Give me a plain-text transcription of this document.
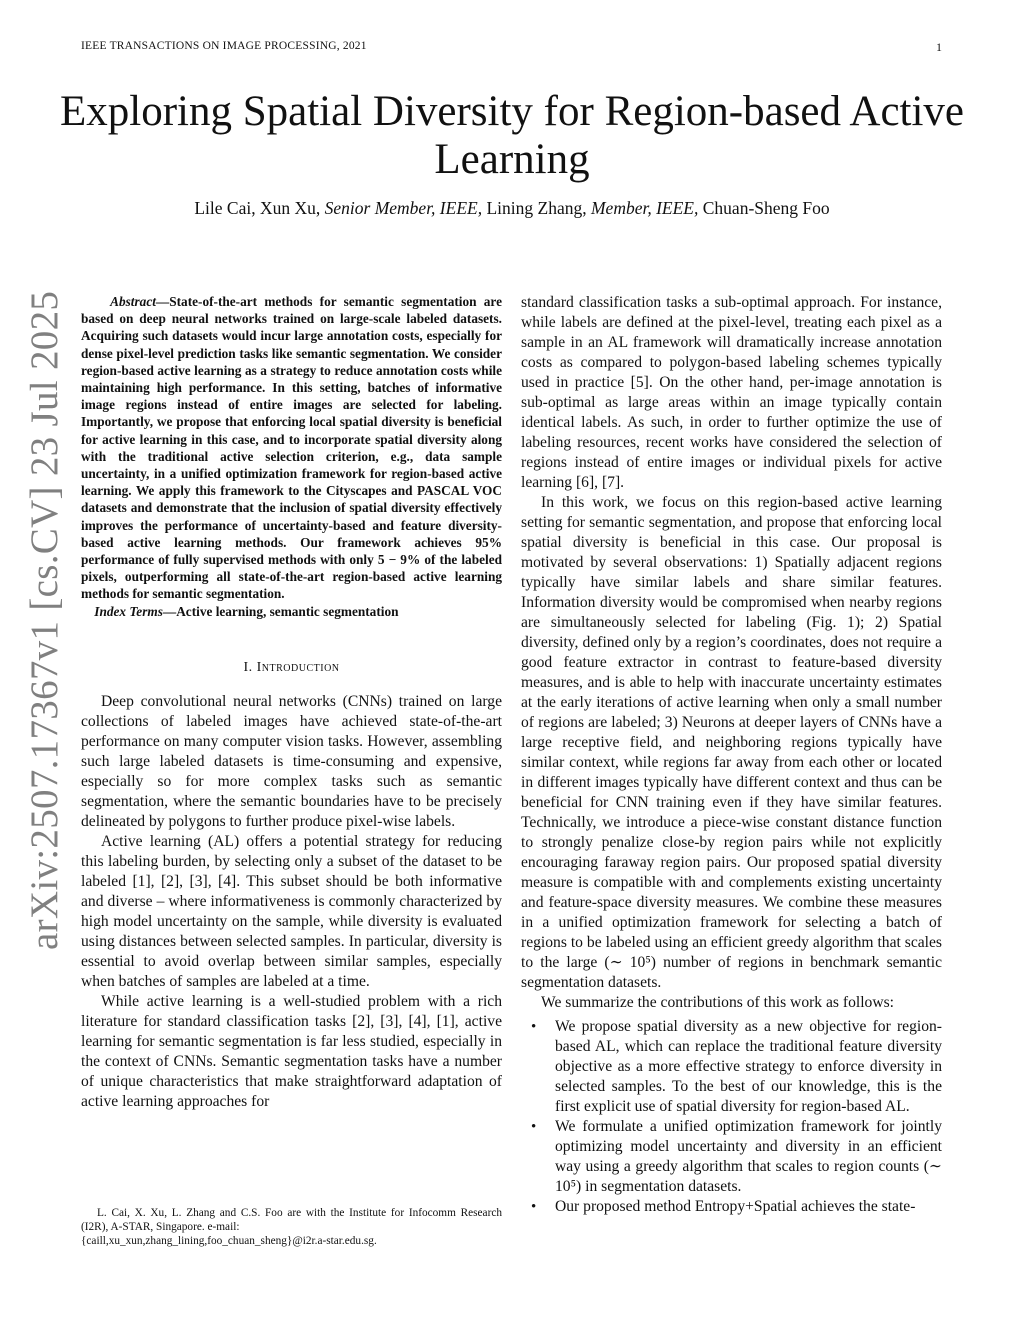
IEEE TRANSACTIONS ON IMAGE PROCESSING, 2021	1
Exploring Spatial Diversity for Region-based Active
Learning
Lile Cai, Xun Xu, Senior Member, IEEE, Lining Zhang, Member, IEEE, Chuan-Sheng Foo
arXiv:2507.17367v1 [cs.CV] 23 Jul 2025	Abstract—State-of-the-art methods for semantic segmentation are based on deep neural networks trained on large-scale labeled datasets. Acquiring such datasets would incur large annotation costs, especially for dense pixel-level prediction tasks like semantic segmentation. We consider region-based active learning as a strategy to reduce annotation costs while maintaining high performance. In this setting, batches of informative image regions instead of entire images are selected for labeling. Importantly, we propose that enforcing local spatial diversity is beneficial for active learning in this case, and to incorporate spatial diversity along with the traditional active selection criterion, e.g., data sample uncertainty, in a unified optimization framework for region-based active learning. We apply this framework to the Cityscapes and PASCAL VOC datasets and demonstrate that the inclusion of spatial diversity effectively improves the performance of uncertainty-based and feature diversity-based active learning methods. Our framework achieves 95% performance of fully supervised methods with only 5 − 9% of the labeled pixels, outperforming all state-of-the-art region-based active learning methods for semantic segmentation.

Index Terms—Active learning, semantic segmentation

I. Introduction

Deep convolutional neural networks (CNNs) trained on large collections of labeled images have achieved state-of-the-art performance on many computer vision tasks. However, assembling such large labeled datasets is time-consuming and expensive, especially so for more complex tasks such as semantic segmentation, where the semantic boundaries have to be precisely delineated by polygons to further produce pixel-wise labels.

Active learning (AL) offers a potential strategy for reducing this labeling burden, by selecting only a subset of the dataset to be labeled [1], [2], [3], [4]. This subset should be both informative and diverse – where informativeness is commonly characterized by high model uncertainty on the sample, while diversity is evaluated using distances between selected samples. In particular, diversity is essential to avoid overlap between similar samples, especially when batches of samples are labeled at a time.

While active learning is a well-studied problem with a rich literature for standard classification tasks [2], [3], [4], [1], active learning for semantic segmentation is far less studied, especially in the context of CNNs. Semantic segmentation tasks have a number of unique characteristics that make straightforward adaptation of active learning approaches for

L. Cai, X. Xu, L. Zhang and C.S. Foo are with the Institute for Infocomm Research (I2R), A-STAR, Singapore. e-mail:
{caill,xu_xun,zhang_lining,foo_chuan_sheng}@i2r.a-star.edu.sg.

standard classification tasks a sub-optimal approach. For instance, while labels are defined at the pixel-level, treating each pixel as a sample in an AL framework will dramatically increase annotation costs as compared to polygon-based labeling schemes typically used in practice [5]. On the other hand, per-image annotation is sub-optimal as large areas within an image typically contain identical labels. As such, in order to further optimize the use of labeling resources, recent works have considered the selection of regions instead of entire images or individual pixels for active learning [6], [7].

In this work, we focus on this region-based active learning setting for semantic segmentation, and propose that enforcing local spatial diversity is beneficial in this case. Our proposal is motivated by several observations: 1) Spatially adjacent regions typically have similar labels and share similar features. Information diversity would be compromised when nearby regions are simultaneously selected for labeling (Fig. 1); 2) Spatial diversity, defined only by a region’s coordinates, does not require a good feature extractor in contrast to feature-based diversity measures, and is able to help with inaccurate uncertainty estimates at the early iterations of active learning when only a small number of regions are labeled; 3) Neurons at deeper layers of CNNs have a large receptive field, and neighboring regions typically have similar context, while regions far away from each other or located in different images typically have different context and thus can be beneficial for CNN training even if they have similar features. Technically, we introduce a piece-wise constant distance function to strongly penalize close-by region pairs while not explicitly encouraging faraway region pairs. Our proposed spatial diversity measure is compatible with and complements existing uncertainty and feature-space diversity measures. We combine these measures in a unified optimization framework for selecting a batch of regions to be labeled using an efficient greedy algorithm that scales to the large (∼ 10⁵) number of regions in benchmark semantic segmentation datasets.

We summarize the contributions of this work as follows:

• We propose spatial diversity as a new objective for region-based AL, which can replace the traditional feature diversity objective as a more effective strategy to enforce diversity in selected samples. To the best of our knowledge, this is the first explicit use of spatial diversity for region-based AL.
• We formulate a unified optimization framework for jointly optimizing model uncertainty and diversity in an efficient way using a greedy algorithm that scales to region counts (∼ 10⁵) in segmentation datasets.
• Our proposed method Entropy+Spatial achieves the state-
